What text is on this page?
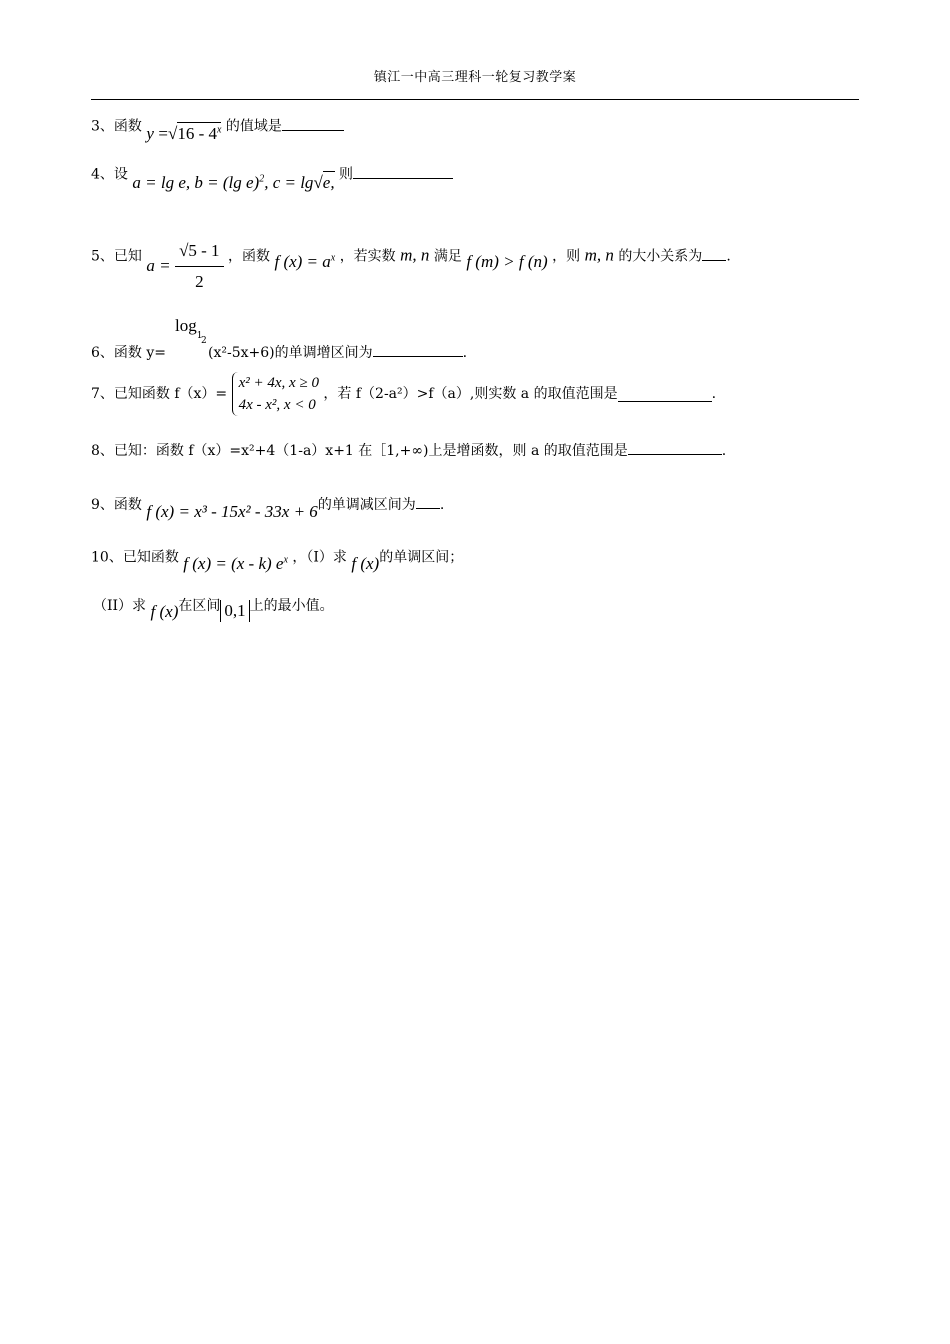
镇江一中高三理科一轮复习教学案
3、函数 y =√16 - 4$^x$ 的值域是
4、设 a = lg e, b = (lg e)$^2$, c = lg√e, 则
5、已知 $a = \frac{√5 - 1}{2}$ ，函数 f $(x) = a^x$ ，若实数 m, n 满足 f (m) > f (n) ，则 m, n 的大小关系为 .
$\log_1$
2
6、函数 y=	(x²-5x+6)的单调增区间为	.
7、已知函数 f（x）= x² + 4x, x ≥ 0
4x - x², x < 0 ，若 f（2-a²）>f（a）,则实数 a 的取值范围是	.
8、已知：函数 f（x）=x²+4（1-a）x+1 在［1,+∞)上是增函数，则 a 的取值范围是	.
9、函数 f (x) = x³ - 15x² - 33x + 6的单调减区间为 .
10、已知函数 f (x) = (x - k) $e^x$ ，（I）求 f (x)的单调区间；
（II）求 f (x)在区间 0,1 上的最小值。
